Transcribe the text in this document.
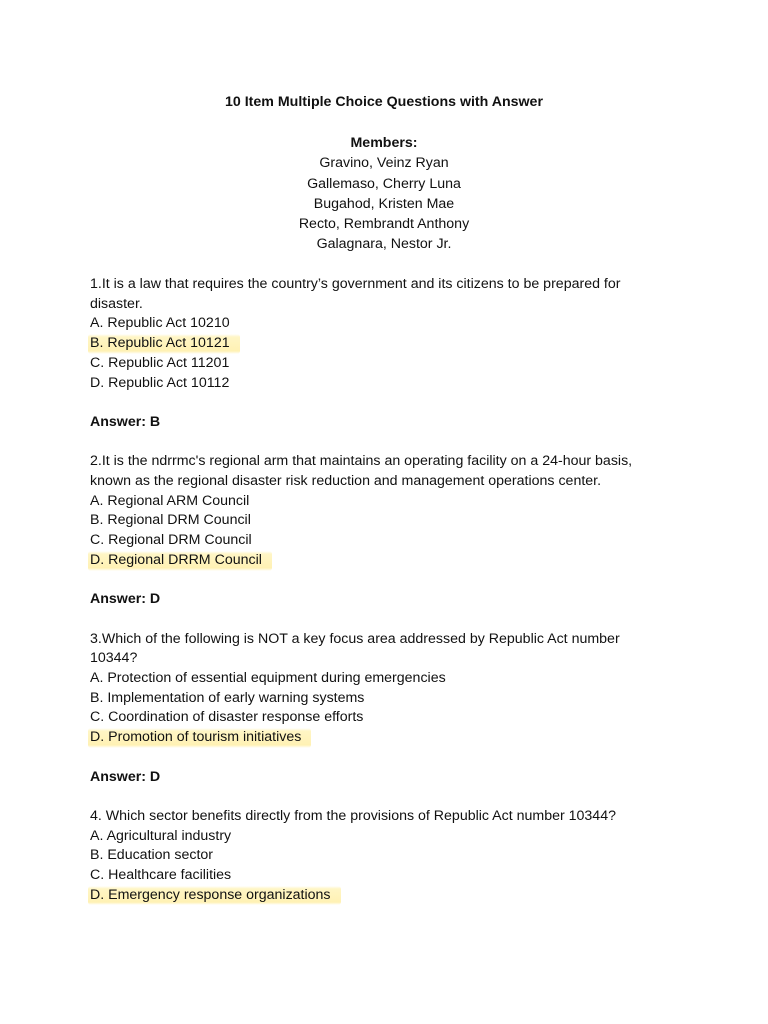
10 Item Multiple Choice Questions with Answer
Members:
Gravino, Veinz Ryan
Gallemaso, Cherry Luna
Bugahod, Kristen Mae
Recto, Rembrandt Anthony
Galagnara, Nestor Jr.
1.It is a law that requires the country’s government and its citizens to be prepared for
disaster.
A. Republic Act 10210
B. Republic Act 10121
C. Republic Act 11201
D. Republic Act 10112
Answer: B
2.It is the ndrrmc's regional arm that maintains an operating facility on a 24-hour basis,
known as the regional disaster risk reduction and management operations center.
A. Regional ARM Council
B. Regional DRM Council
C. Regional DRM Council
D. Regional DRRM Council
Answer: D
3.Which of the following is NOT a key focus area addressed by Republic Act number
10344?
A. Protection of essential equipment during emergencies
B. Implementation of early warning systems
C. Coordination of disaster response efforts
D. Promotion of tourism initiatives
Answer: D
4. Which sector benefits directly from the provisions of Republic Act number 10344?
A. Agricultural industry
B. Education sector
C. Healthcare facilities
D. Emergency response organizations
